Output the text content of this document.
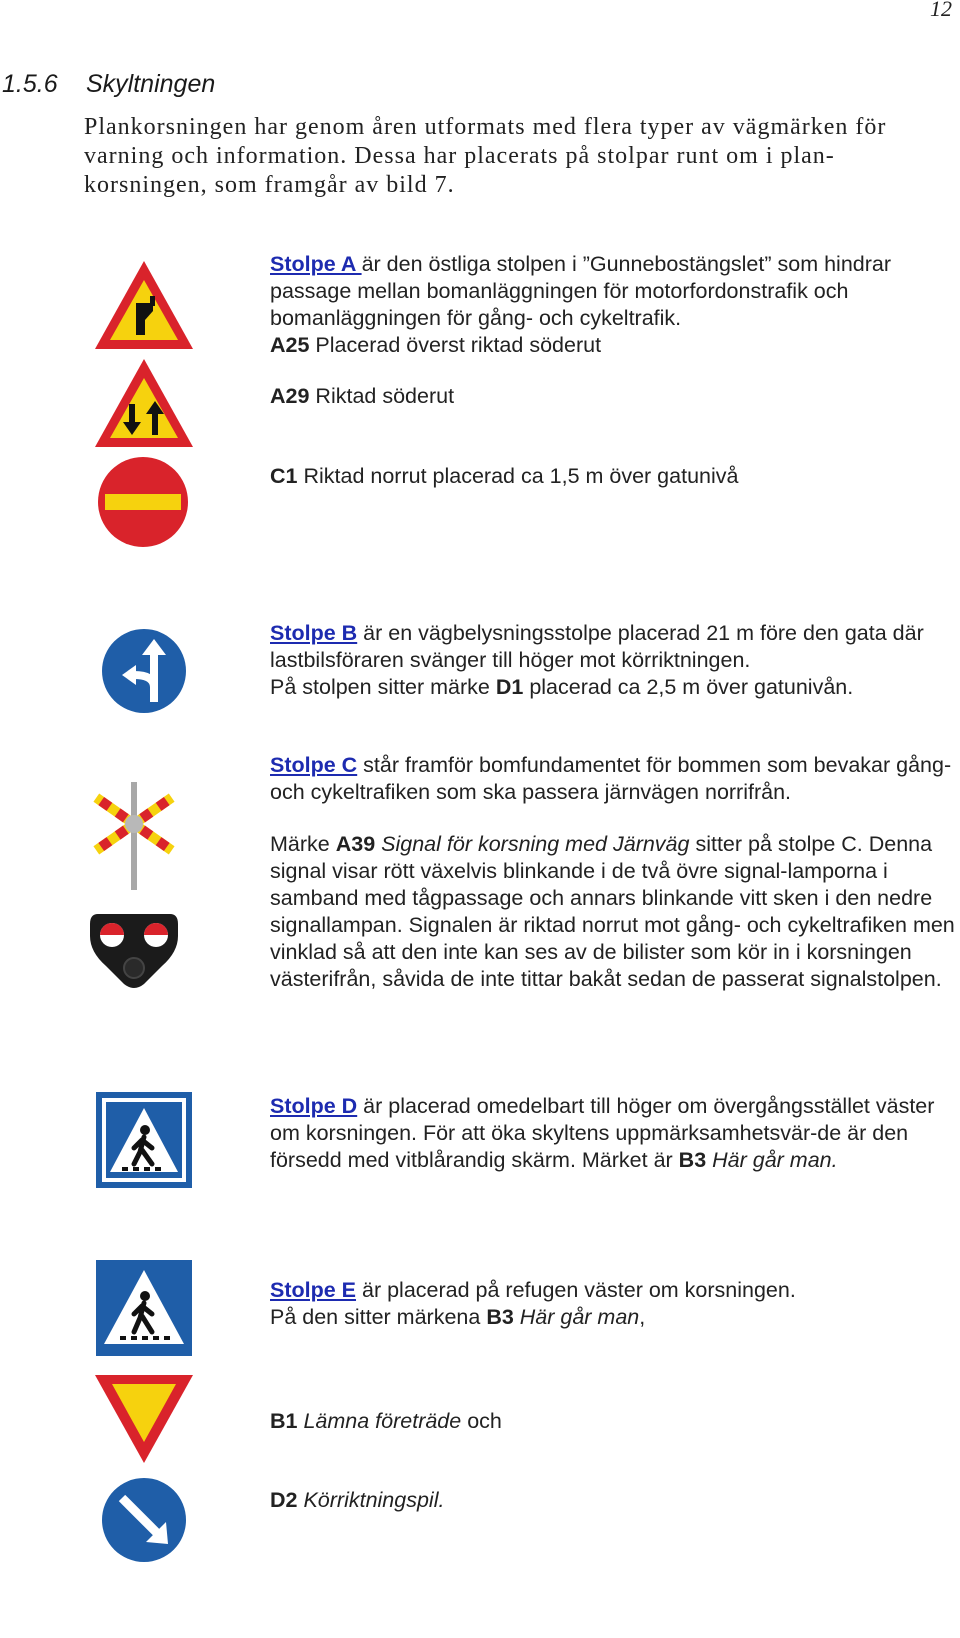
12
1.5.6 Skyltningen
Plankorsningen har genom åren utformats med flera typer av vägmärken för varning och information. Dessa har placerats på stolpar runt om i plan-korsningen, som framgår av bild 7.

Stolpe A är den östliga stolpen i ”Gunnebostängslet” som hindrar passage mellan bomanläggningen för motorfordonstrafik och bomanläggningen för gång- och cykeltrafik.

A25 Placerad överst riktad söderut

A29 Riktad söderut
C1 Riktad norrut placerad ca 1,5 m över gatunivå

Stolpe B är en vägbelysningsstolpe placerad 21 m före den gata där lastbilsföraren svänger till höger mot körriktningen.

På stolpen sitter märke D1 placerad ca 2,5 m över gatunivån.

Stolpe C står framför bomfundamentet för bommen som bevakar gång- och cykeltrafiken som ska passera järnvägen norrifrån.

Märke A39 Signal för korsning med Järnväg sitter på stolpe C. Denna signal visar rött växelvis blinkande i de två övre signal-lamporna i samband med tågpassage och annars blinkande vitt sken i den nedre signallampan. Signalen är riktad norrut mot gång- och cykeltrafiken men vinklad så att den inte kan ses av de bilister som kör in i korsningen västerifrån, såvida de inte tittar bakåt sedan de passerat signalstolpen.

Stolpe D är placerad omedelbart till höger om övergångsstället väster om korsningen. För att öka skyltens uppmärksamhetsvär-de är den försedd med vitblårandig skärm. Märket är B3 Här går man.

Stolpe E är placerad på refugen väster om korsningen.

På den sitter märkena B3 Här går man,

B1 Lämna företräde och
D2 Körriktningspil.
